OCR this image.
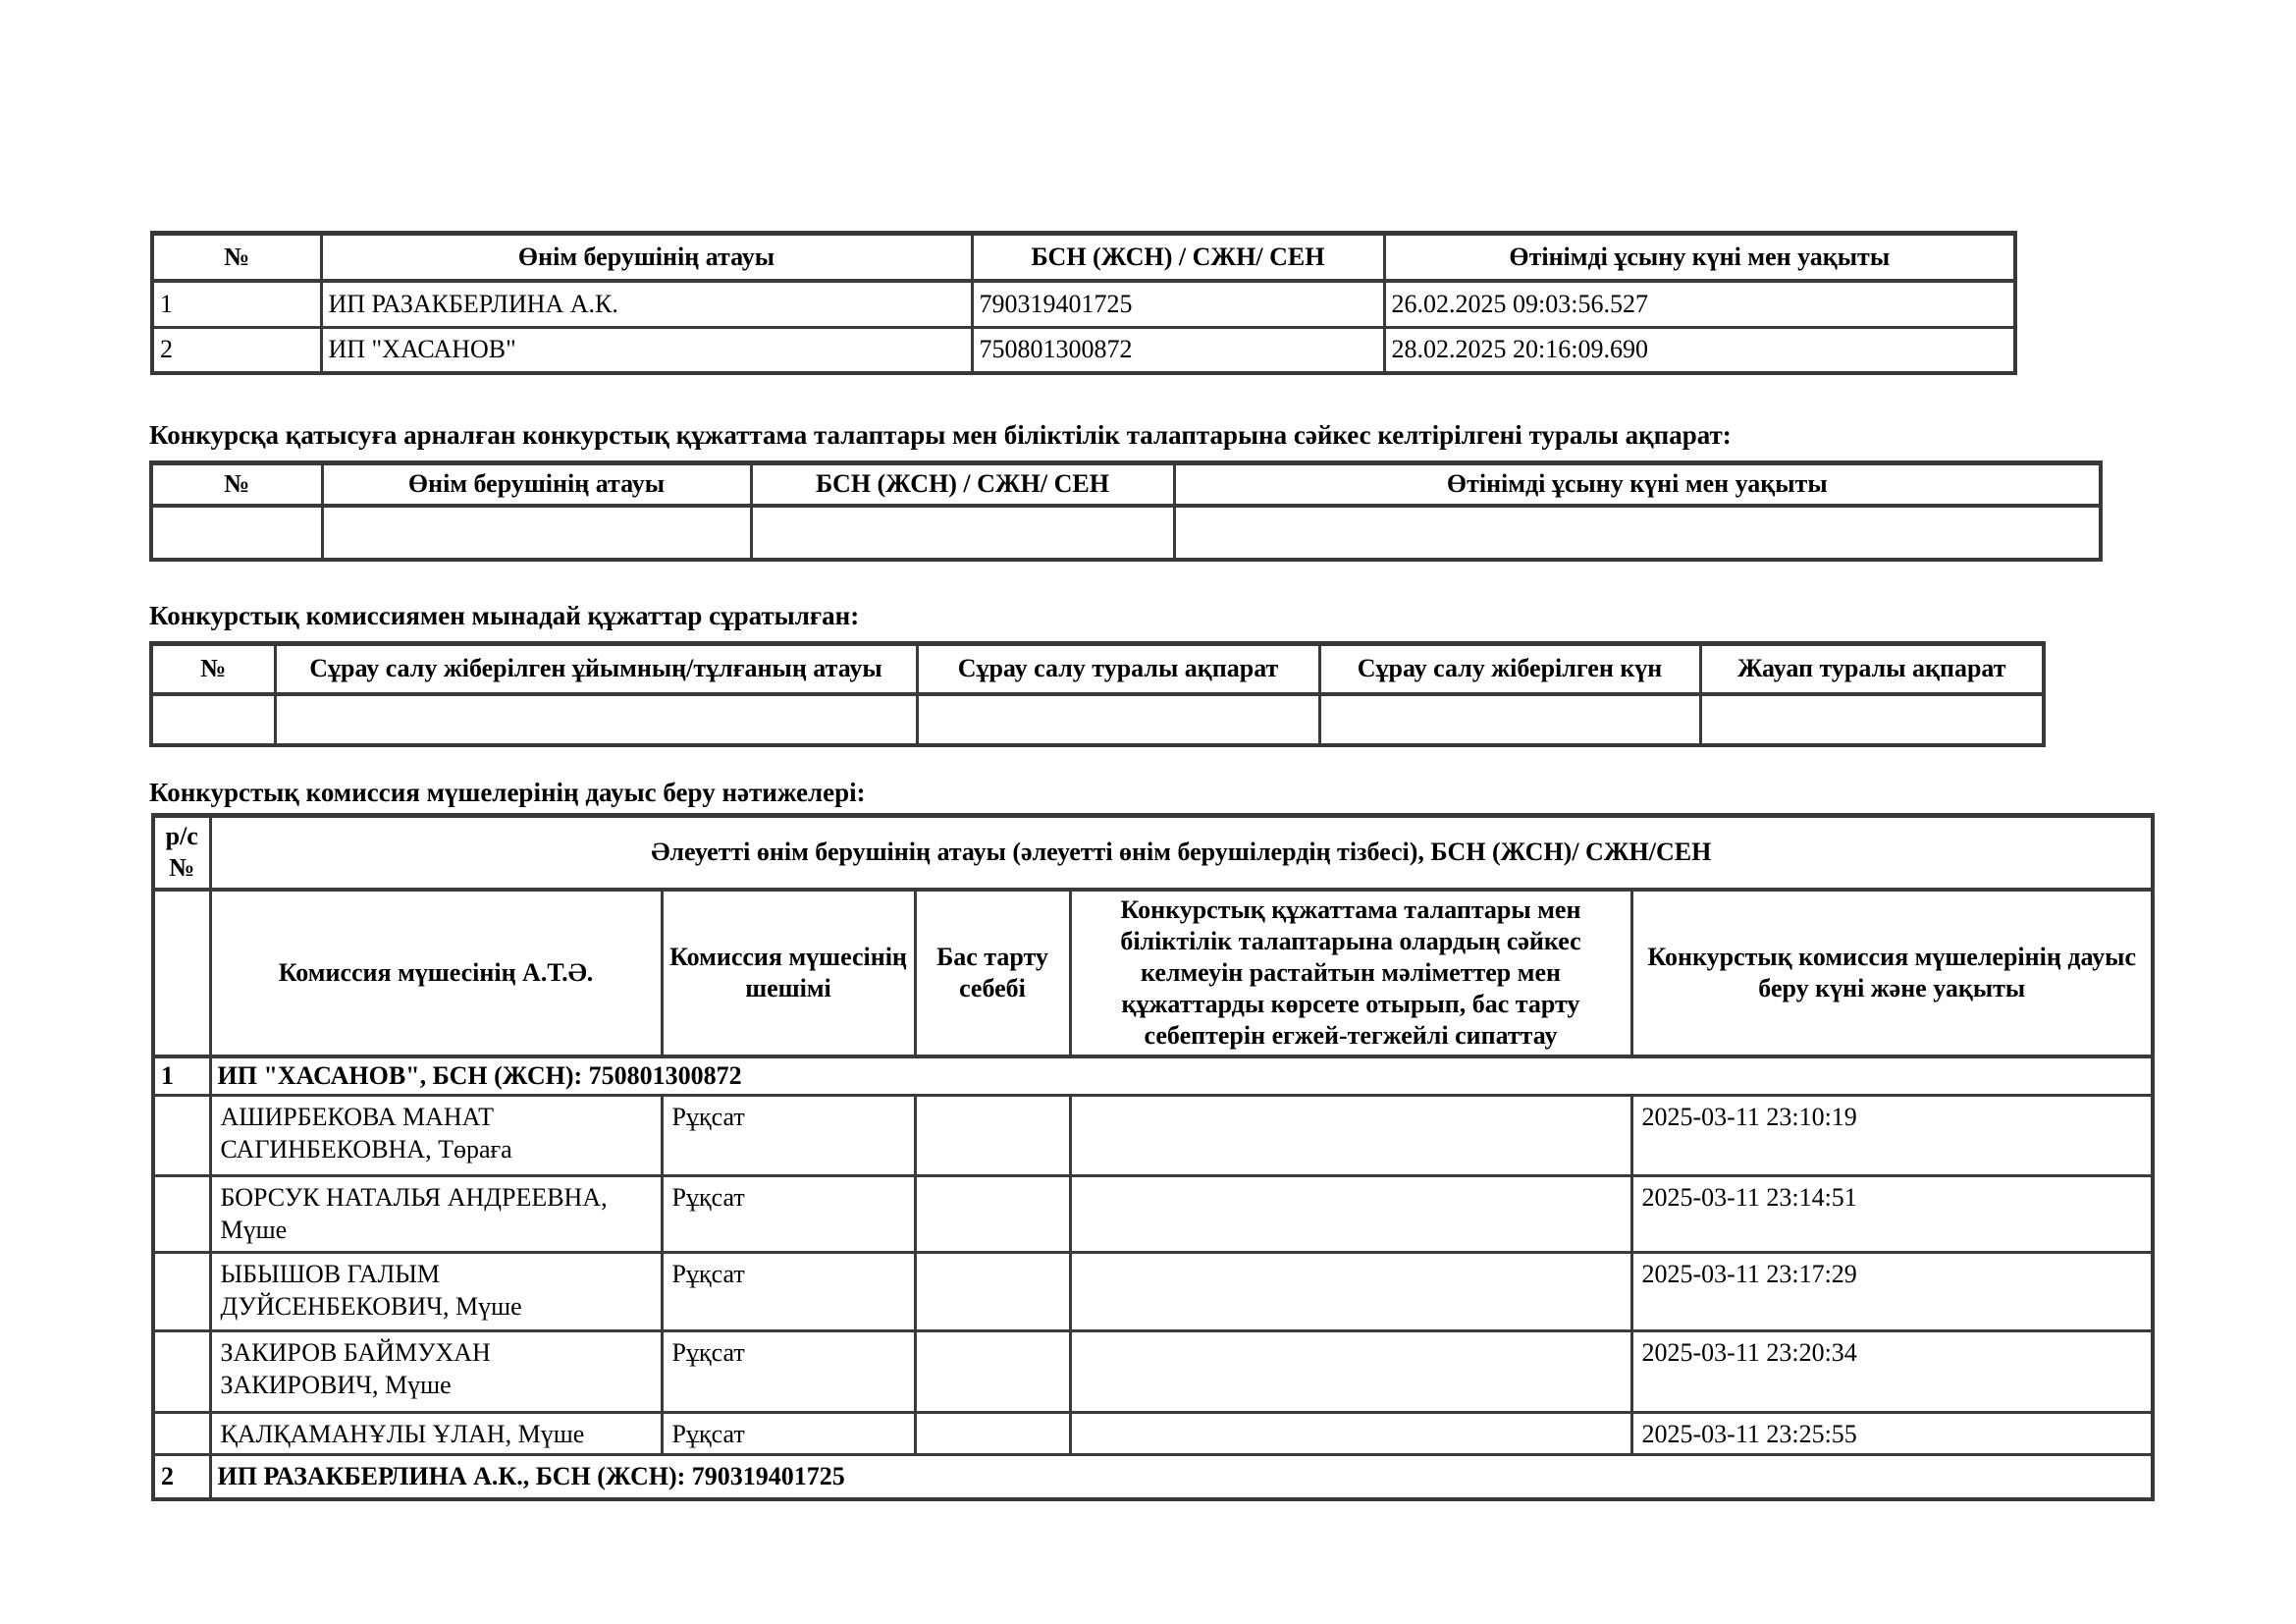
№	Өнім берушінің атауы	БСН (ЖСН) / СЖН/ СЕН	Өтінімді ұсыну күні мен уақыты
1	ИП РАЗАКБЕРЛИНА А.К.	790319401725	26.02.2025 09:03:56.527
2	ИП "ХАСАНОВ"	750801300872	28.02.2025 20:16:09.690
Конкурсқа қатысуға арналған конкурстық құжаттама талаптары мен біліктілік талаптарына сәйкес келтірілгені туралы ақпарат:
№	Өнім берушінің атауы	БСН (ЖСН) / СЖН/ СЕН	Өтінімді ұсыну күні мен уақыты

Конкурстық комиссиямен мынадай құжаттар сұратылған:
№	Сұрау салу жіберілген ұйымның/тұлғаның атауы	Сұрау салу туралы ақпарат	Сұрау салу жіберілген күн	Жауап туралы ақпарат

Конкурстық комиссия мүшелерінің дауыс беру нәтижелері:
р/с №	Әлеуетті өнім берушінің атауы (әлеуетті өнім берушілердің тізбесі), БСН (ЖСН)/ СЖН/СЕН				
	Комиссия мүшесінің А.Т.Ә.	Комиссия мүшесінің шешімі	Бас тарту себебі	Конкурстық құжаттама талаптары мен біліктілік талаптарына олардың сәйкес келмеуін растайтын мәліметтер мен құжаттарды көрсете отырып, бас тарту себептерін егжей-тегжейлі сипаттау	Конкурстық комиссия мүшелерінің дауыс беру күні және уақыты
1	ИП "ХАСАНОВ", БСН (ЖСН): 750801300872				
	АШИРБЕКОВА МАНАТ САГИНБЕКОВНА, Төраға	Рұқсат			2025-03-11 23:10:19
	БОРСУК НАТАЛЬЯ АНДРЕЕВНА, Мүше	Рұқсат			2025-03-11 23:14:51
	ЫБЫШОВ ГАЛЫМ ДУЙСЕНБЕКОВИЧ, Мүше	Рұқсат			2025-03-11 23:17:29
	ЗАКИРОВ БАЙМУХАН ЗАКИРОВИЧ, Мүше	Рұқсат			2025-03-11 23:20:34
	ҚАЛҚАМАНҰЛЫ ҰЛАН, Мүше	Рұқсат			2025-03-11 23:25:55
2	ИП РАЗАКБЕРЛИНА А.К., БСН (ЖСН): 790319401725				
